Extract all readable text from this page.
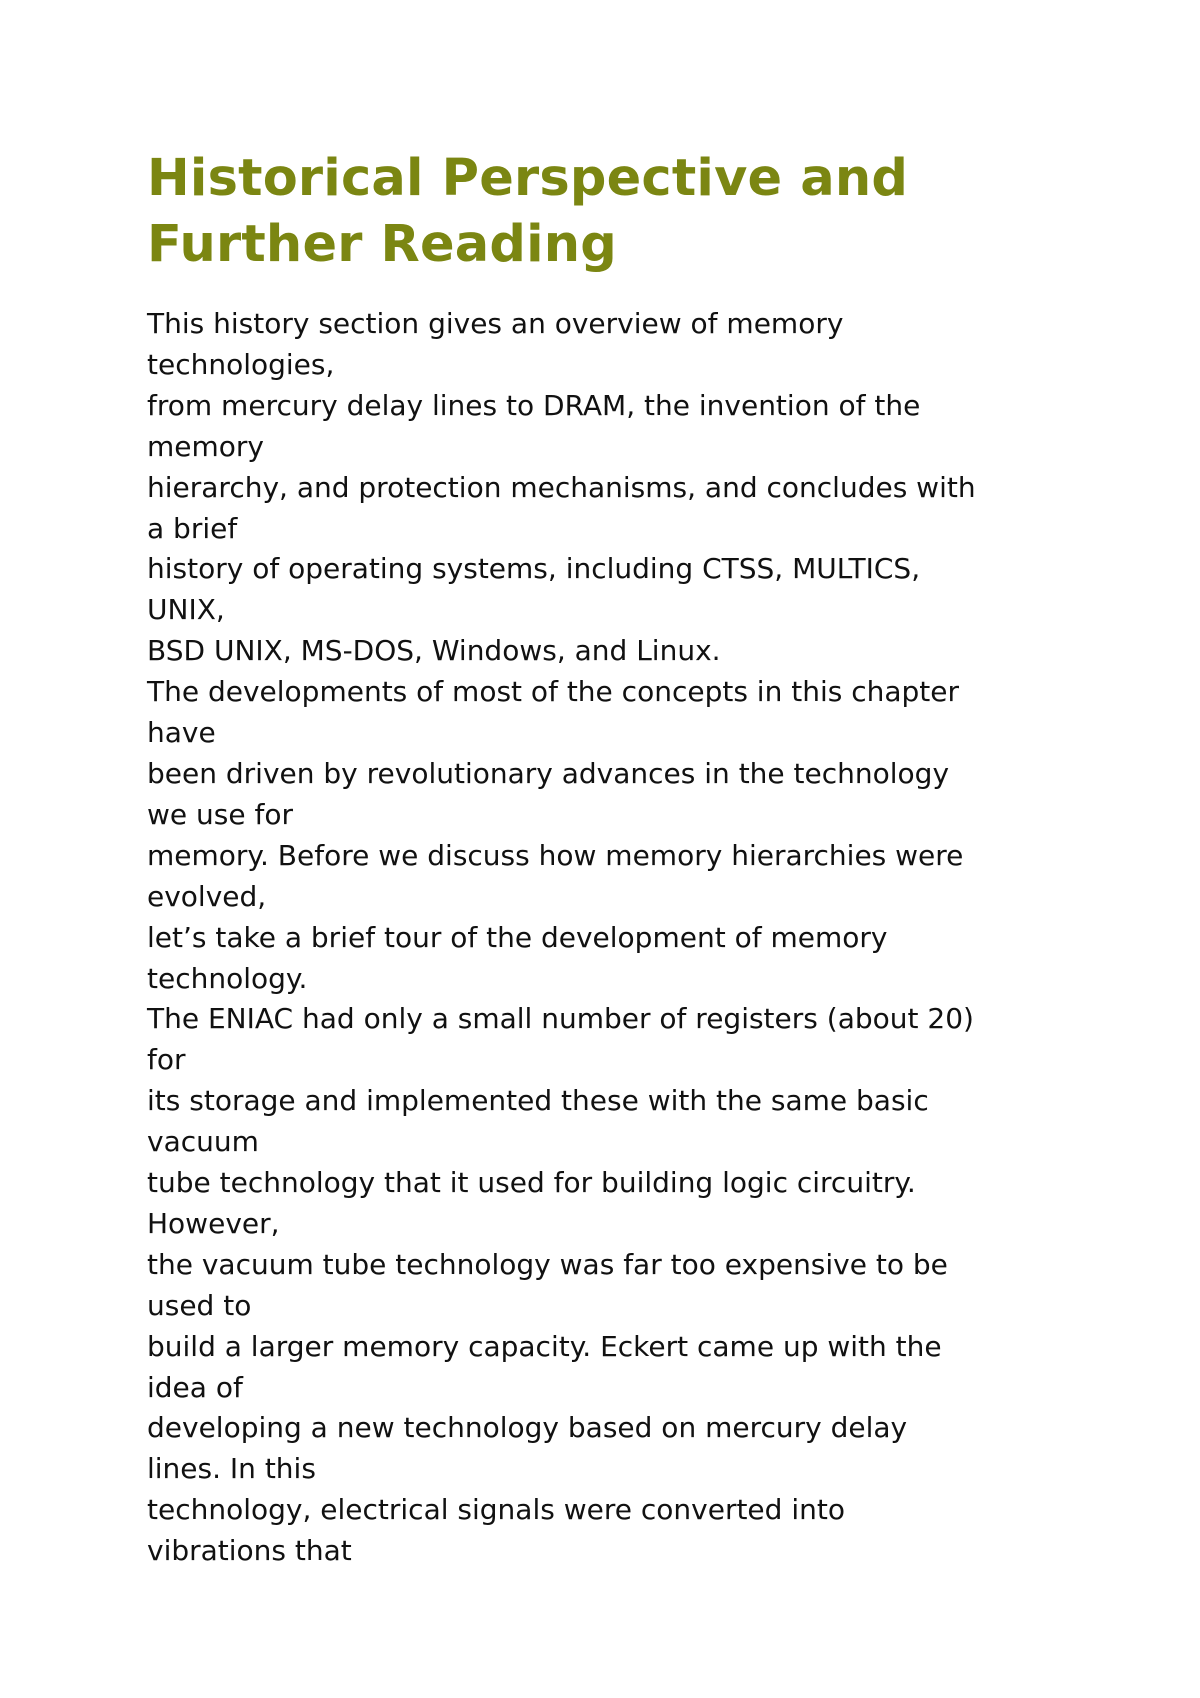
Historical Perspective and
Further Reading
This history section gives an overview of memory
technologies,
from mercury delay lines to DRAM, the invention of the
memory
hierarchy, and protection mechanisms, and concludes with
a brief
history of operating systems, including CTSS, MULTICS,
UNIX,
BSD UNIX, MS-DOS, Windows, and Linux.
The developments of most of the concepts in this chapter
have
been driven by revolutionary advances in the technology
we use for
memory. Before we discuss how memory hierarchies were
evolved,
let’s take a brief tour of the development of memory
technology.
The ENIAC had only a small number of registers (about 20)
for
its storage and implemented these with the same basic
vacuum
tube technology that it used for building logic circuitry.
However,
the vacuum tube technology was far too expensive to be
used to
build a larger memory capacity. Eckert came up with the
idea of
developing a new technology based on mercury delay
lines. In this
technology, electrical signals were converted into
vibrations that
